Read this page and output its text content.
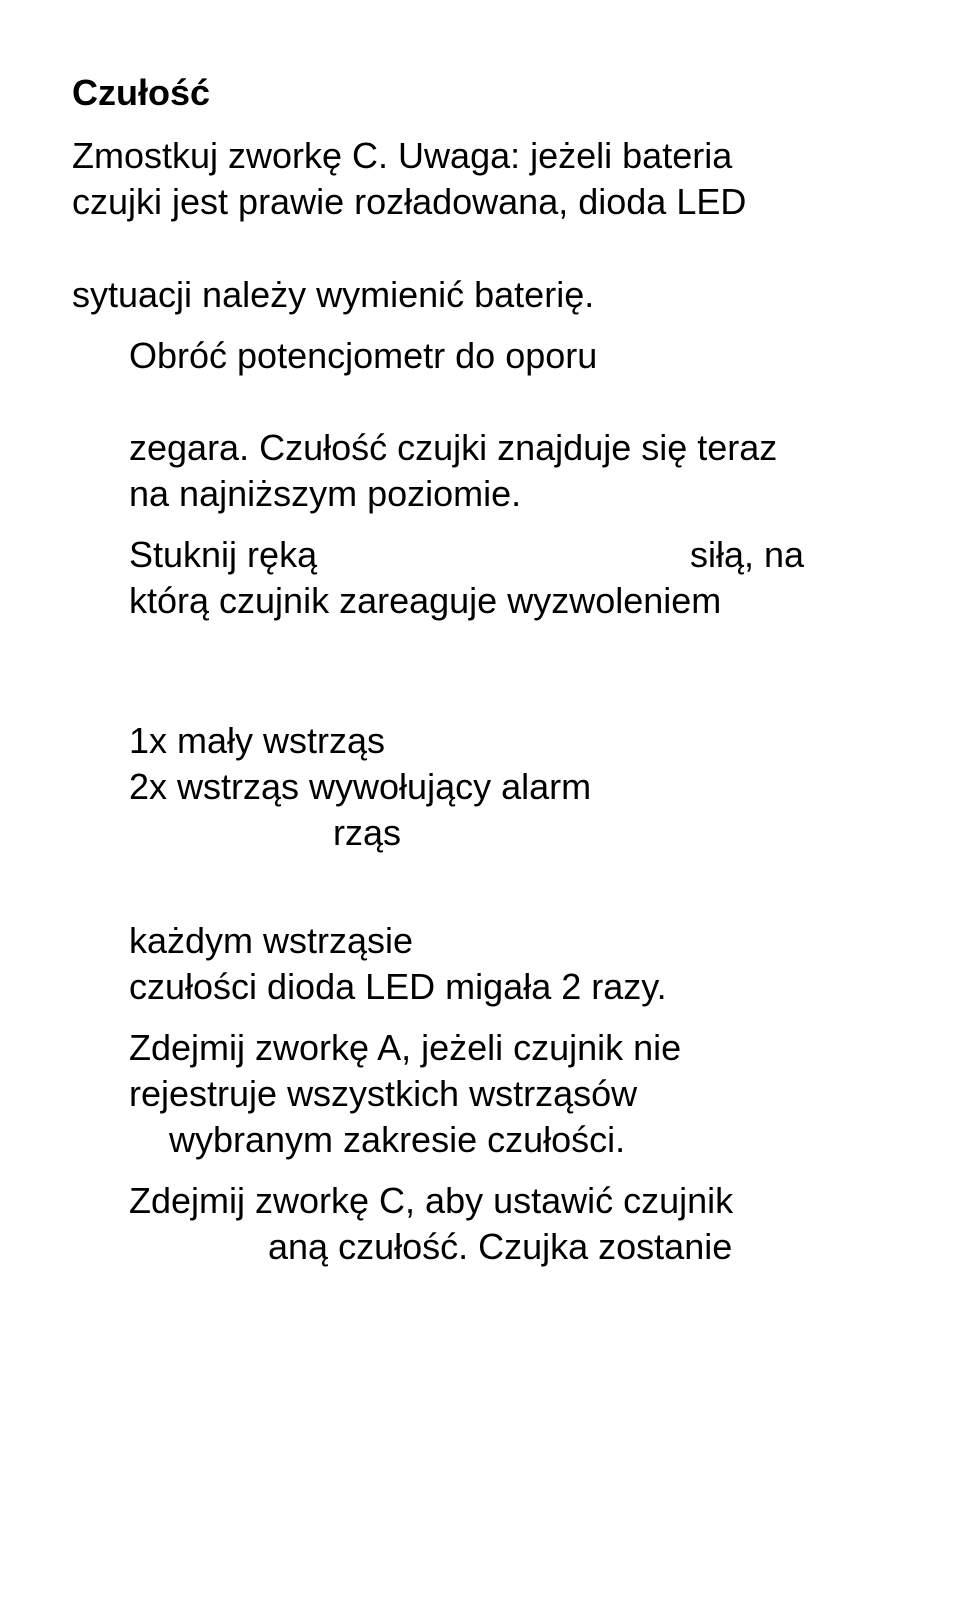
Czułość
Zmostkuj zworkę C. Uwaga: jeżeli bateria
czujki jest prawie rozładowana, dioda LED
sytuacji należy wymienić baterię.
Obróć potencjometr do oporu
zegara. Czułość czujki znajduje się teraz
na najniższym poziomie.
Stuknij ręką	siłą, na
którą czujnik zareaguje wyzwoleniem
1x mały wstrząs
2x wstrząs wywołujący alarm
rząs
każdym wstrząsie
czułości dioda LED migała 2 razy.
Zdejmij zworkę A, jeżeli czujnik nie
rejestruje wszystkich wstrząsów
wybranym zakresie czułości.
Zdejmij zworkę C, aby ustawić czujnik
aną czułość. Czujka zostanie
